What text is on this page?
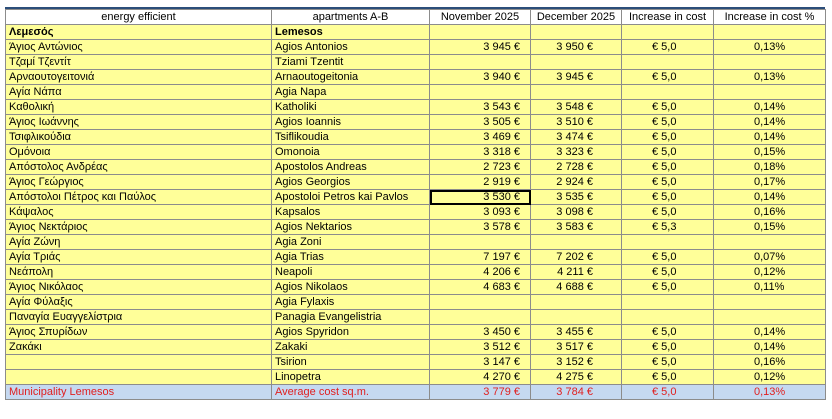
energy efficient	apartments A-B	November 2025	December 2025	Increase in cost	Increase in cost %
Λεμεσός	Lemesos				
Άγιος Αντώνιος	Agios Antonios	3 945 €	3 950 €	€ 5,0	0,13%
Τζαμί Τζεντίτ	Tziami Tzentit				
Αρναουτογειτονιά	Arnaoutogeitonia	3 940 €	3 945 €	€ 5,0	0,13%
Αγία Νάπα	Agia Napa				
Καθολική	Katholiki	3 543 €	3 548 €	€ 5,0	0,14%
Άγιος Ιωάννης	Agios Ioannis	3 505 €	3 510 €	€ 5,0	0,14%
Τσιφλικούδια	Tsiflikoudia	3 469 €	3 474 €	€ 5,0	0,14%
Ομόνοια	Omonoia	3 318 €	3 323 €	€ 5,0	0,15%
Απόστολος Ανδρέας	Apostolos Andreas	2 723 €	2 728 €	€ 5,0	0,18%
Άγιος Γεώργιος	Agios Georgios	2 919 €	2 924 €	€ 5,0	0,17%
Απόστολοι Πέτρος και Παύλος	Apostoloi Petros kai Pavlos	3 530 €	3 535 €	€ 5,0	0,14%
Κάψαλος	Kapsalos	3 093 €	3 098 €	€ 5,0	0,16%
Άγιος Νεκτάριος	Agios Nektarios	3 578 €	3 583 €	€ 5,3	0,15%
Αγία Ζώνη	Agia Zoni				
Αγία Τριάς	Agia Trias	7 197 €	7 202 €	€ 5,0	0,07%
Νεάπολη	Neapoli	4 206 €	4 211 €	€ 5,0	0,12%
Άγιος Νικόλαος	Agios Nikolaos	4 683 €	4 688 €	€ 5,0	0,11%
Αγία Φύλαξις	Agia Fylaxis				
Παναγία Ευαγγελίστρια	Panagia Evangelistria				
Άγιος Σπυρίδων	Agios Spyridon	3 450 €	3 455 €	€ 5,0	0,14%
Ζακάκι	Zakaki	3 512 €	3 517 €	€ 5,0	0,14%
	Tsirion	3 147 €	3 152 €	€ 5,0	0,16%
	Linopetra	4 270 €	4 275 €	€ 5,0	0,12%
Municipality Lemesos	Average cost sq.m.	3 779 €	3 784 €	€ 5,0	0,13%
